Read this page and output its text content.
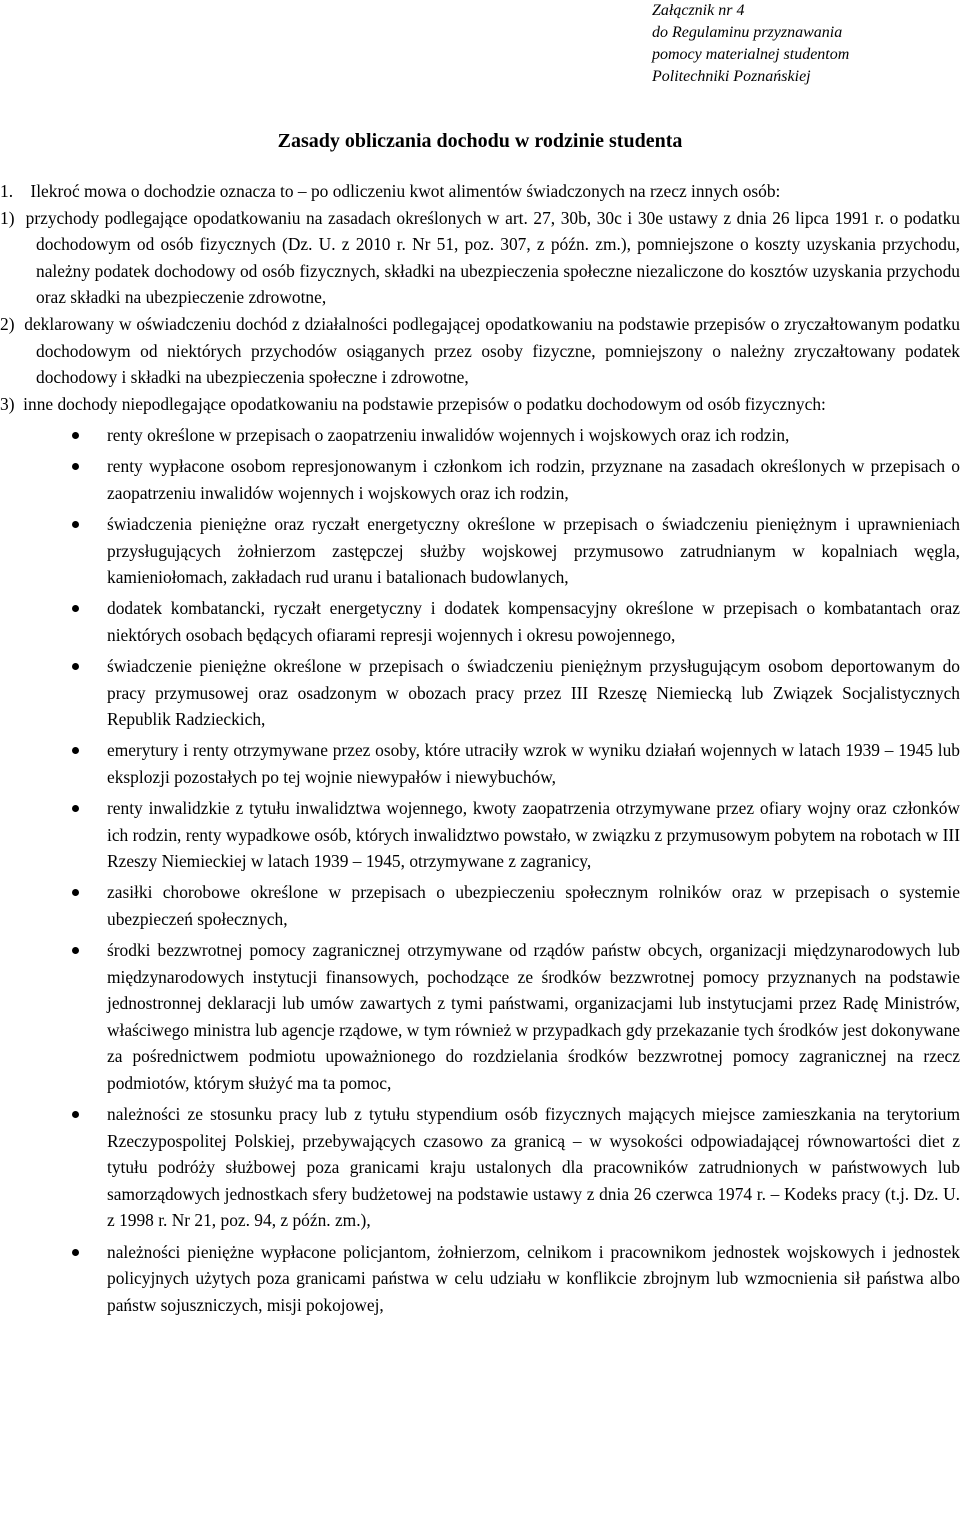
Załącznik nr 4
do Regulaminu przyznawania
pomocy materialnej studentom
Politechniki Poznańskiej
Zasady obliczania dochodu w rodzinie studenta

1.    Ilekroć mowa o dochodzie oznacza to – po odliczeniu kwot alimentów świadczonych na rzecz innych osób:

1)  przychody podlegające opodatkowaniu na zasadach określonych w art. 27, 30b, 30c i 30e ustawy z dnia 26 lipca 1991 r. o podatku dochodowym od osób fizycznych (Dz. U. z 2010 r. Nr 51, poz. 307, z późn. zm.), pomniejszone o koszty uzyskania przychodu, należny podatek dochodowy od osób fizycznych, składki na ubezpieczenia społeczne niezaliczone do kosztów uzyskania przychodu oraz składki na ubezpieczenie zdrowotne,

2)  deklarowany w oświadczeniu dochód z działalności podlegającej opodatkowaniu na podstawie przepisów o zryczałtowanym podatku dochodowym od niektórych przychodów osiąganych przez osoby fizyczne, pomniejszony o należny zryczałtowany podatek dochodowy i składki na ubezpieczenia społeczne i zdrowotne,

3)  inne dochody niepodlegające opodatkowaniu na podstawie przepisów o podatku dochodowym od osób fizycznych:

renty określone w przepisach o zaopatrzeniu inwalidów wojennych i wojskowych oraz ich rodzin,
renty wypłacone osobom represjonowanym i członkom ich rodzin, przyznane na zasadach określonych w przepisach o zaopatrzeniu inwalidów wojennych i wojskowych oraz ich rodzin,
świadczenia pieniężne oraz ryczałt energetyczny określone w przepisach o świadczeniu pieniężnym i uprawnieniach przysługujących żołnierzom zastępczej służby wojskowej przymusowo zatrudnianym w kopalniach węgla, kamieniołomach, zakładach rud uranu i batalionach budowlanych,
dodatek kombatancki, ryczałt energetyczny i dodatek kompensacyjny określone w przepisach o kombatantach oraz niektórych osobach będących ofiarami represji wojennych i okresu powojennego,
świadczenie pieniężne określone w przepisach o świadczeniu pieniężnym przysługującym osobom deportowanym do pracy przymusowej oraz osadzonym w obozach pracy przez III Rzeszę Niemiecką lub Związek Socjalistycznych Republik Radzieckich,
emerytury i renty otrzymywane przez osoby, które utraciły wzrok w wyniku działań wojennych w latach 1939 – 1945 lub eksplozji pozostałych po tej wojnie niewypałów i niewybuchów,
renty inwalidzkie z tytułu inwalidztwa wojennego, kwoty zaopatrzenia otrzymywane przez ofiary wojny oraz członków ich rodzin, renty wypadkowe osób, których inwalidztwo powstało, w związku z przymusowym pobytem na robotach w III Rzeszy Niemieckiej w latach 1939 – 1945, otrzymywane z zagranicy,
zasiłki chorobowe określone w przepisach o ubezpieczeniu społecznym rolników oraz w przepisach o systemie ubezpieczeń społecznych,
środki bezzwrotnej pomocy zagranicznej otrzymywane od rządów państw obcych, organizacji międzynarodowych lub międzynarodowych instytucji finansowych, pochodzące ze środków bezzwrotnej pomocy przyznanych na podstawie jednostronnej deklaracji lub umów zawartych z tymi państwami, organizacjami lub instytucjami przez Radę Ministrów, właściwego ministra lub agencje rządowe, w tym również w przypadkach gdy przekazanie tych środków jest dokonywane za pośrednictwem podmiotu upoważnionego do rozdzielania środków bezzwrotnej pomocy zagranicznej na rzecz podmiotów, którym służyć ma ta pomoc,
należności ze stosunku pracy lub z tytułu stypendium osób fizycznych mających miejsce zamieszkania na terytorium Rzeczypospolitej Polskiej, przebywających czasowo za granicą – w wysokości odpowiadającej równowartości diet z tytułu podróży służbowej poza granicami kraju ustalonych dla pracowników zatrudnionych w państwowych lub samorządowych jednostkach sfery budżetowej na podstawie ustawy z dnia 26 czerwca 1974 r. – Kodeks pracy (t.j. Dz. U. z 1998 r. Nr 21, poz. 94, z późn. zm.),
należności pieniężne wypłacone policjantom, żołnierzom, celnikom i pracownikom jednostek wojskowych i jednostek policyjnych użytych poza granicami państwa w celu udziału w konflikcie zbrojnym lub wzmocnienia sił państwa albo państw sojuszniczych, misji pokojowej,
